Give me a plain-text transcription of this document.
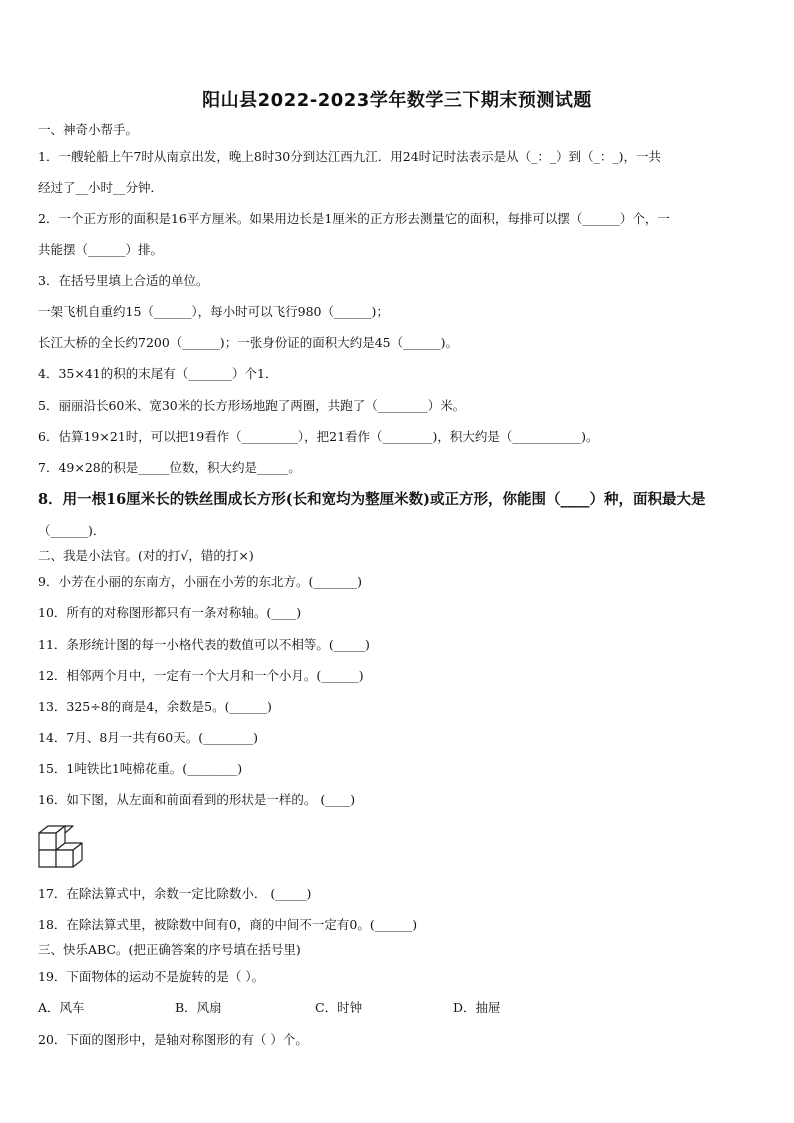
阳山县2022-2023学年数学三下期末预测试题
一、神奇小帮手。
1．一艘轮船上午7时从南京出发，晚上8时30分到达江西九江．用24时记时法表示是从（_：_）到（_：_)，一共
经过了__小时__分钟．
2．一个正方形的面积是16平方厘米。如果用边长是1厘米的正方形去测量它的面积，每排可以摆（______）个，一
共能摆（______）排。
3．在括号里填上合适的单位。
一架飞机自重约15（______），每小时可以飞行980（______)；
长江大桥的全长约7200（______)；一张身份证的面积大约是45（______)。
4．35×41的积的末尾有（_______）个1．
5．丽丽沿长60米、宽30米的长方形场地跑了两圈，共跑了（________）米。
6．估算19×21时，可以把19看作（_________），把21看作（________)，积大约是（___________)。
7．49×28的积是_____位数，积大约是_____。
8．用一根16厘米长的铁丝围成长方形(长和宽均为整厘米数)或正方形，你能围（____）种，面积最大是
（______)．
二、我是小法官。(对的打√，错的打×)
9．小芳在小丽的东南方，小丽在小芳的东北方。(_______)
10．所有的对称图形都只有一条对称轴。(____)
11．条形统计图的每一小格代表的数值可以不相等。(_____)
12．相邻两个月中，一定有一个大月和一个小月。(______)
13．325÷8的商是4，余数是5。(______)
14．7月、8月一共有60天。(________)
15．1吨铁比1吨棉花重。(________)
16．如下图，从左面和前面看到的形状是一样的。 (____)
17．在除法算式中，余数一定比除数小． (_____)
18．在除法算式里，被除数中间有0，商的中间不一定有0。(______)
三、快乐ABC。(把正确答案的序号填在括号里)
19．下面物体的运动不是旋转的是（ ）。
A．风车	B．风扇	C．时钟	D．抽屉
20．下面的图形中，是轴对称图形的有（ ）个。
